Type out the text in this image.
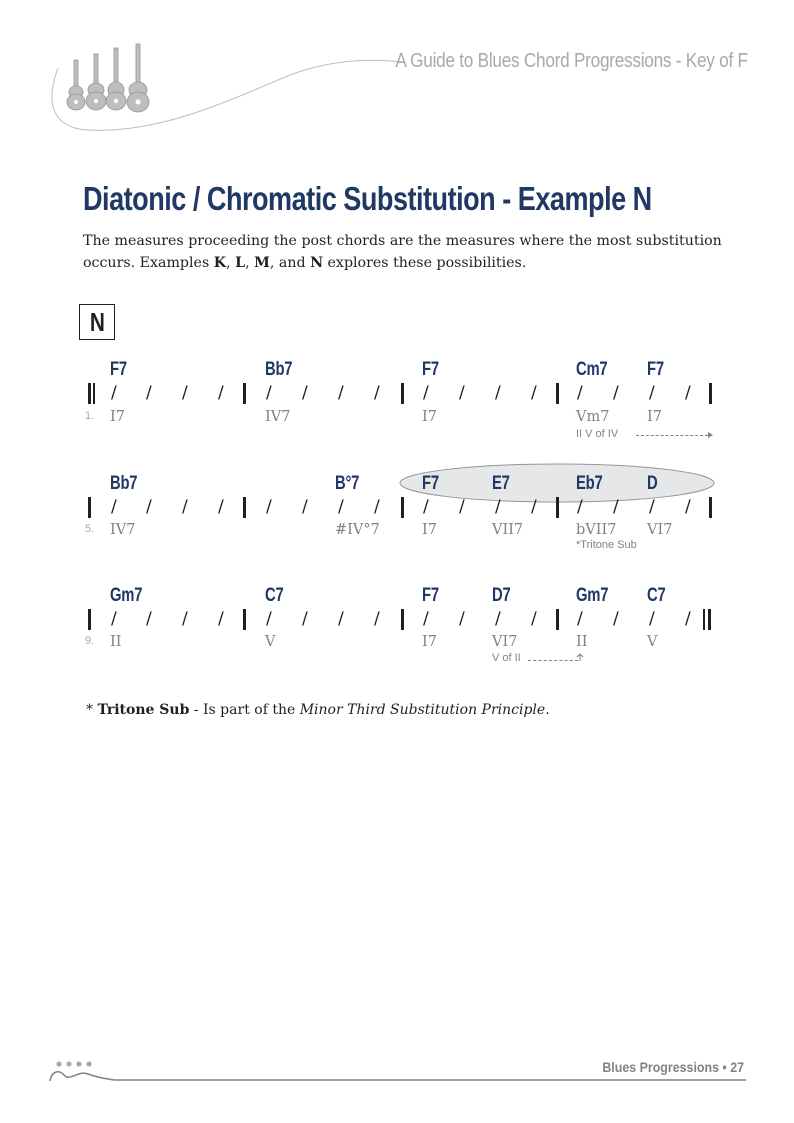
A Guide to Blues Chord Progressions - Key of F
Diatonic / Chromatic Substitution - Example N
The measures proceeding the post chords are the measures where the most substitution occurs. Examples K, L, M, and N explores these possibilities.
N
F7	Bb7	F7	Cm7 F7
/ / / / / / / /	/ / / / / / / /
1. I7	IV7	I7	Vm7	I7
II V of IV
Bb7	B°7	F7	E7	Eb7 D
/ / / / / / / /	/ / / / / / / /
5. IV7	#IV°7	I7	VII7	bVII7 VI7
*Tritone Sub
Gm7	C7	F7	D7	Gm7 C7
/ / / / / / / /	/ / / / / / / /
9. II	V	I7	VI7	II	V
V of II
* Tritone Sub - Is part of the Minor Third Substitution Principle.
Blues Progressions • 27
